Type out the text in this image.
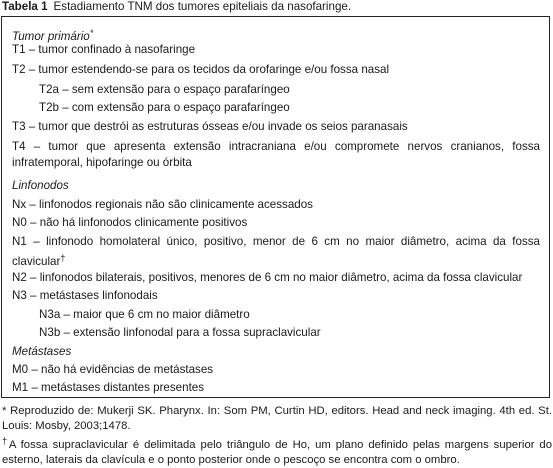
Tabela 1 Estadiamento TNM dos tumores epiteliais da nasofaringe.
Tumor primário*
T1 – tumor confinado à nasofaringe
T2 – tumor estendendo-se para os tecidos da orofaringe e/ou fossa nasal
T2a – sem extensão para o espaço parafaríngeo
T2b – com extensão para o espaço parafaríngeo
T3 – tumor que destrói as estruturas ósseas e/ou invade os seios paranasais
T4 – tumor que apresenta extensão intracraniana e/ou compromete nervos cranianos, fossa infratemporal, hipofaringe ou órbita
Linfonodos
Nx – linfonodos regionais não são clinicamente acessados
N0 – não há linfonodos clinicamente positivos
N1 – linfonodo homolateral único, positivo, menor de 6 cm no maior diâmetro, acima da fossa clavicular†
N2 – linfonodos bilaterais, positivos, menores de 6 cm no maior diâmetro, acima da fossa clavicular
N3 – metástases linfonodais
N3a – maior que 6 cm no maior diâmetro
N3b – extensão linfonodal para a fossa supraclavicular
Metástases
M0 – não há evidências de metástases
M1 – metástases distantes presentes
* Reproduzido de: Mukerji SK. Pharynx. In: Som PM, Curtin HD, editors. Head and neck imaging. 4th ed. St. Louis: Mosby, 2003;1478.
†A fossa supraclavicular é delimitada pelo triângulo de Ho, um plano definido pelas margens superior do esterno, laterais da clavícula e o ponto posterior onde o pescoço se encontra com o ombro.
